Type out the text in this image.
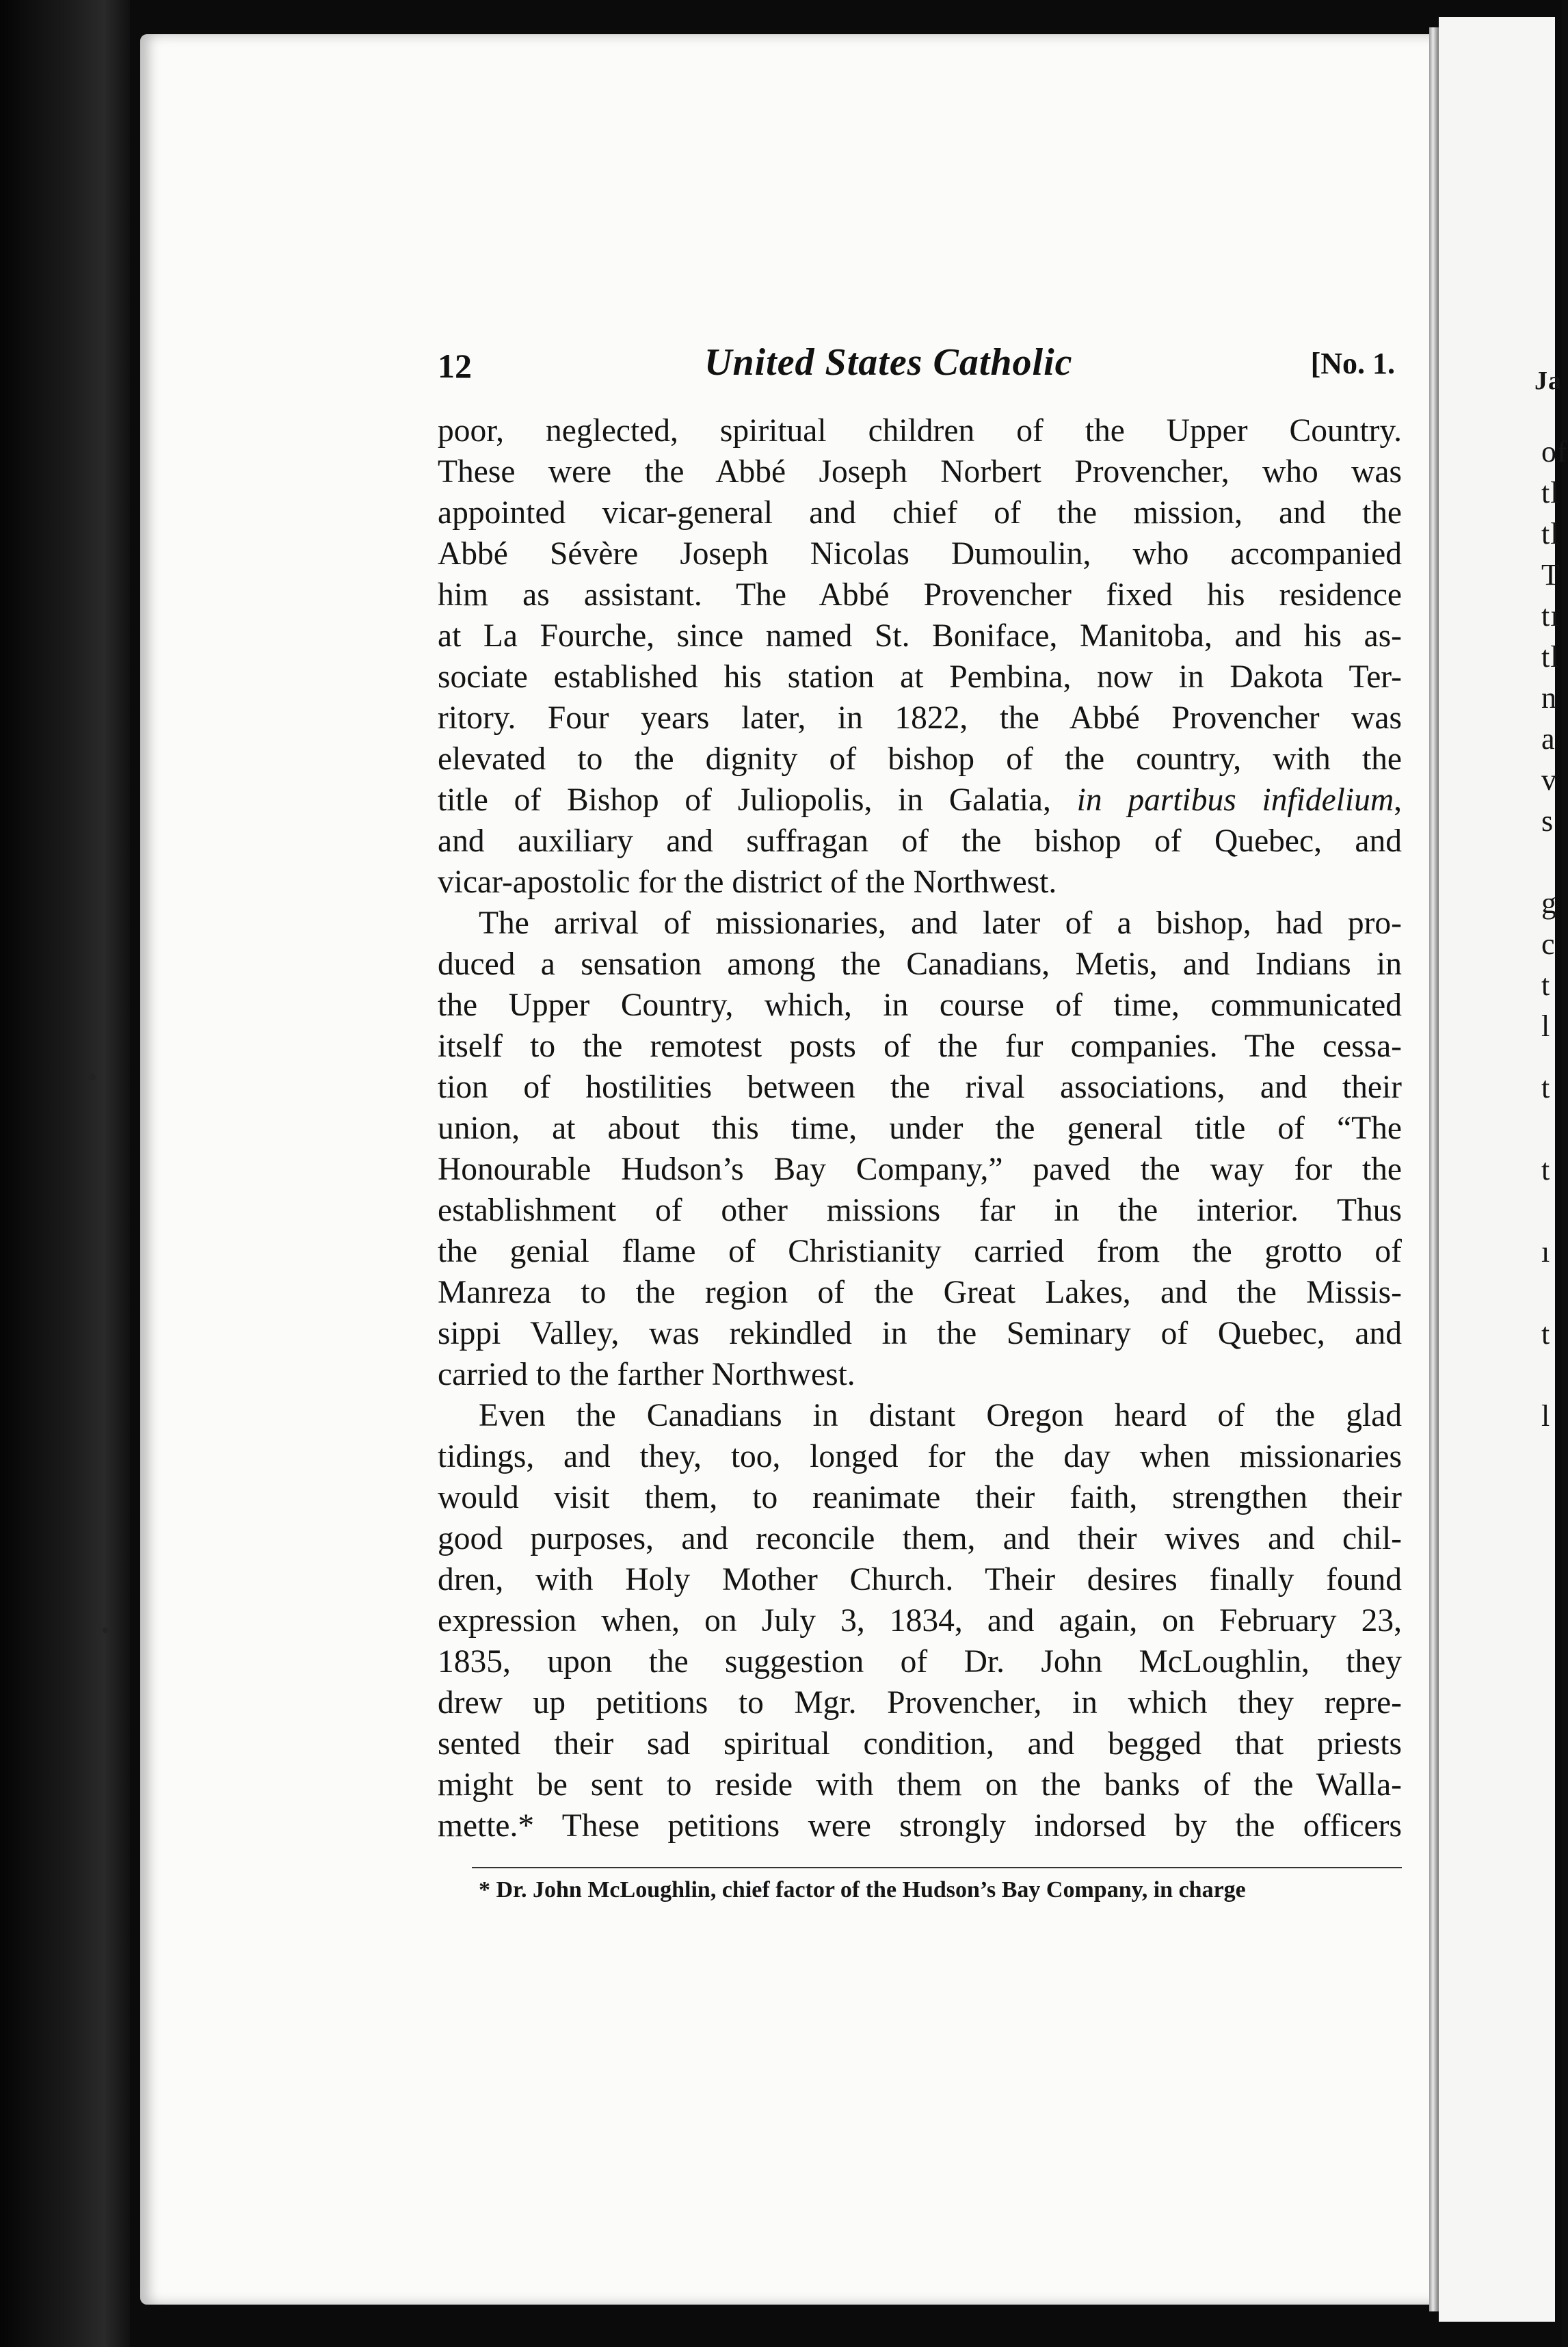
Ja
of
tl
tl
T
tı
tl
n
a
v
s
g
c
t
l
t
t
ı
t
l
12	United States Catholic	[No. 1.
poor, neglected, spiritual children of the Upper Country.
These were the Abbé Joseph Norbert Provencher, who was
appointed vicar-general and chief of the mission, and the
Abbé Sévère Joseph Nicolas Dumoulin, who accompanied
him as assistant. The Abbé Provencher fixed his residence
at La Fourche, since named St. Boniface, Manitoba, and his as-
sociate established his station at Pembina, now in Dakota Ter-
ritory. Four years later, in 1822, the Abbé Provencher was
elevated to the dignity of bishop of the country, with the
title of Bishop of Juliopolis, in Galatia, in partibus infidelium,
and auxiliary and suffragan of the bishop of Quebec, and
vicar-apostolic for the district of the Northwest.
The arrival of missionaries, and later of a bishop, had pro-
duced a sensation among the Canadians, Metis, and Indians in
the Upper Country, which, in course of time, communicated
itself to the remotest posts of the fur companies. The cessa-
tion of hostilities between the rival associations, and their
union, at about this time, under the general title of “The
Honourable Hudson’s Bay Company,” paved the way for the
establishment of other missions far in the interior. Thus
the genial flame of Christianity carried from the grotto of
Manreza to the region of the Great Lakes, and the Missis-
sippi Valley, was rekindled in the Seminary of Quebec, and
carried to the farther Northwest.
Even the Canadians in distant Oregon heard of the glad
tidings, and they, too, longed for the day when missionaries
would visit them, to reanimate their faith, strengthen their
good purposes, and reconcile them, and their wives and chil-
dren, with Holy Mother Church. Their desires finally found
expression when, on July 3, 1834, and again, on February 23,
1835, upon the suggestion of Dr. John McLoughlin, they
drew up petitions to Mgr. Provencher, in which they repre-
sented their sad spiritual condition, and begged that priests
might be sent to reside with them on the banks of the Walla-
mette.* These petitions were strongly indorsed by the officers
* Dr. John McLoughlin, chief factor of the Hudson’s Bay Company, in charge
